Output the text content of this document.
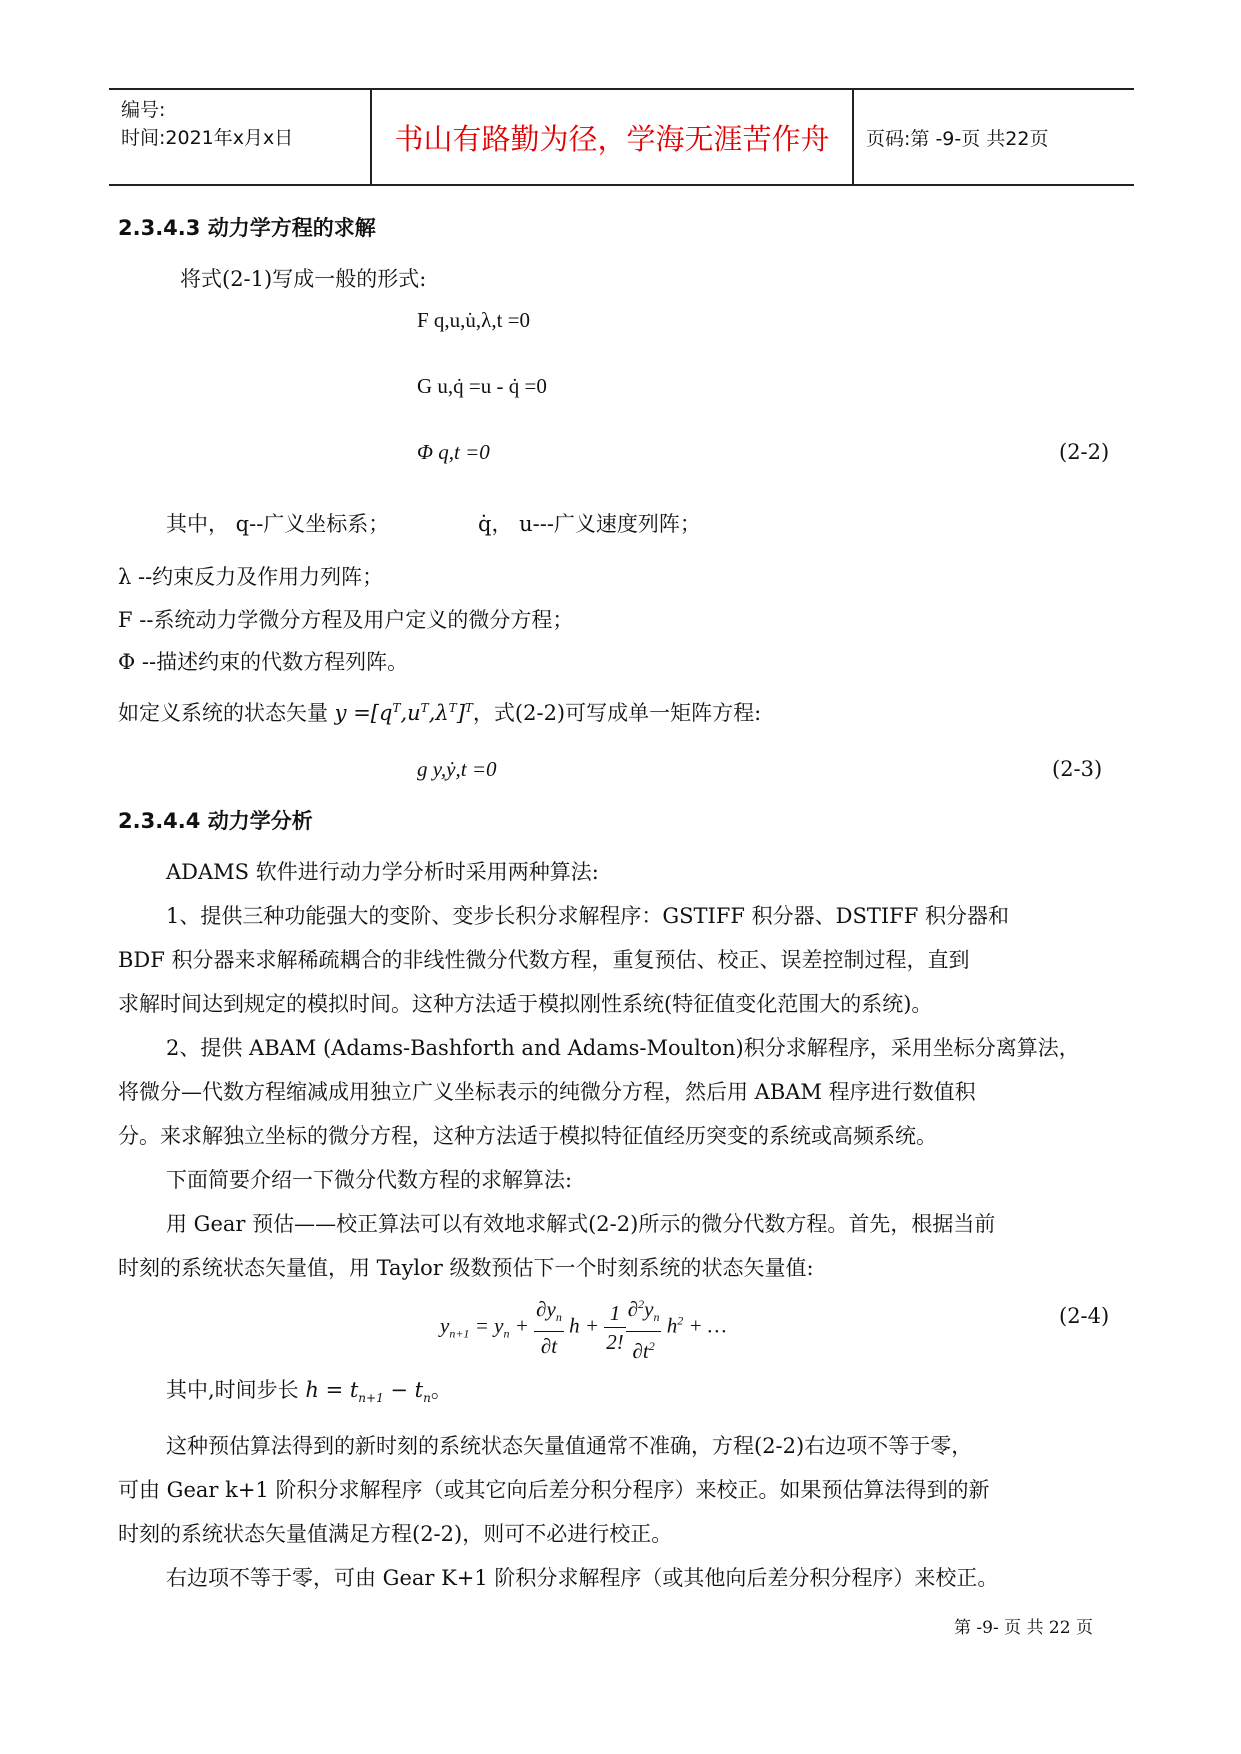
编号:
时间:2021年x月x日	书山有路勤为径，学海无涯苦作舟	页码:第 -9-页 共22页
2.3.4.3 动力学方程的求解
将式(2-1)写成一般的形式:
F q,u,u̇,λ,t =0
G u,q̇ =u - q̇ =0
Φ q,t =0	(2-2)
其中， q--广义坐标系；	q̇， u---广义速度列阵；
λ --约束反力及作用力列阵；
F --系统动力学微分方程及用户定义的微分方程；
Φ --描述约束的代数方程列阵。
如定义系统的状态矢量 $y =[q^T,u^T,\lambda^T]^T$，式(2-2)可写成单一矩阵方程:
g y,ẏ,t =0	(2-3)
2.3.4.4 动力学分析
ADAMS 软件进行动力学分析时采用两种算法:
1、提供三种功能强大的变阶、变步长积分求解程序：GSTIFF 积分器、DSTIFF 积分器和
BDF 积分器来求解稀疏耦合的非线性微分代数方程，重复预估、校正、误差控制过程，直到
求解时间达到规定的模拟时间。这种方法适于模拟刚性系统(特征值变化范围大的系统)。
2、提供 ABAM (Adams-Bashforth and Adams-Moulton)积分求解程序，采用坐标分离算法，
将微分—代数方程缩减成用独立广义坐标表示的纯微分方程，然后用 ABAM 程序进行数值积
分。来求解独立坐标的微分方程，这种方法适于模拟特征值经历突变的系统或高频系统。
下面简要介绍一下微分代数方程的求解算法:
用 Gear 预估——校正算法可以有效地求解式(2-2)所示的微分代数方程。首先，根据当前
时刻的系统状态矢量值，用 Taylor 级数预估下一个时刻系统的状态矢量值:
$y_{n+1} = y_n + \frac{\partial y_n}{\partial t}$ $h + \frac{1}{2!} \frac{\partial^2y_n}{\partial t^2} h^2$ + …	(2-4)
其中,时间步长 $h = t_{n+1} - t_n$。
这种预估算法得到的新时刻的系统状态矢量值通常不准确，方程(2-2)右边项不等于零，
可由 Gear k+1 阶积分求解程序（或其它向后差分积分程序）来校正。如果预估算法得到的新
时刻的系统状态矢量值满足方程(2-2)，则可不必进行校正。
右边项不等于零，可由 Gear K+1 阶积分求解程序（或其他向后差分积分程序）来校正。
第 -9- 页 共 22 页
